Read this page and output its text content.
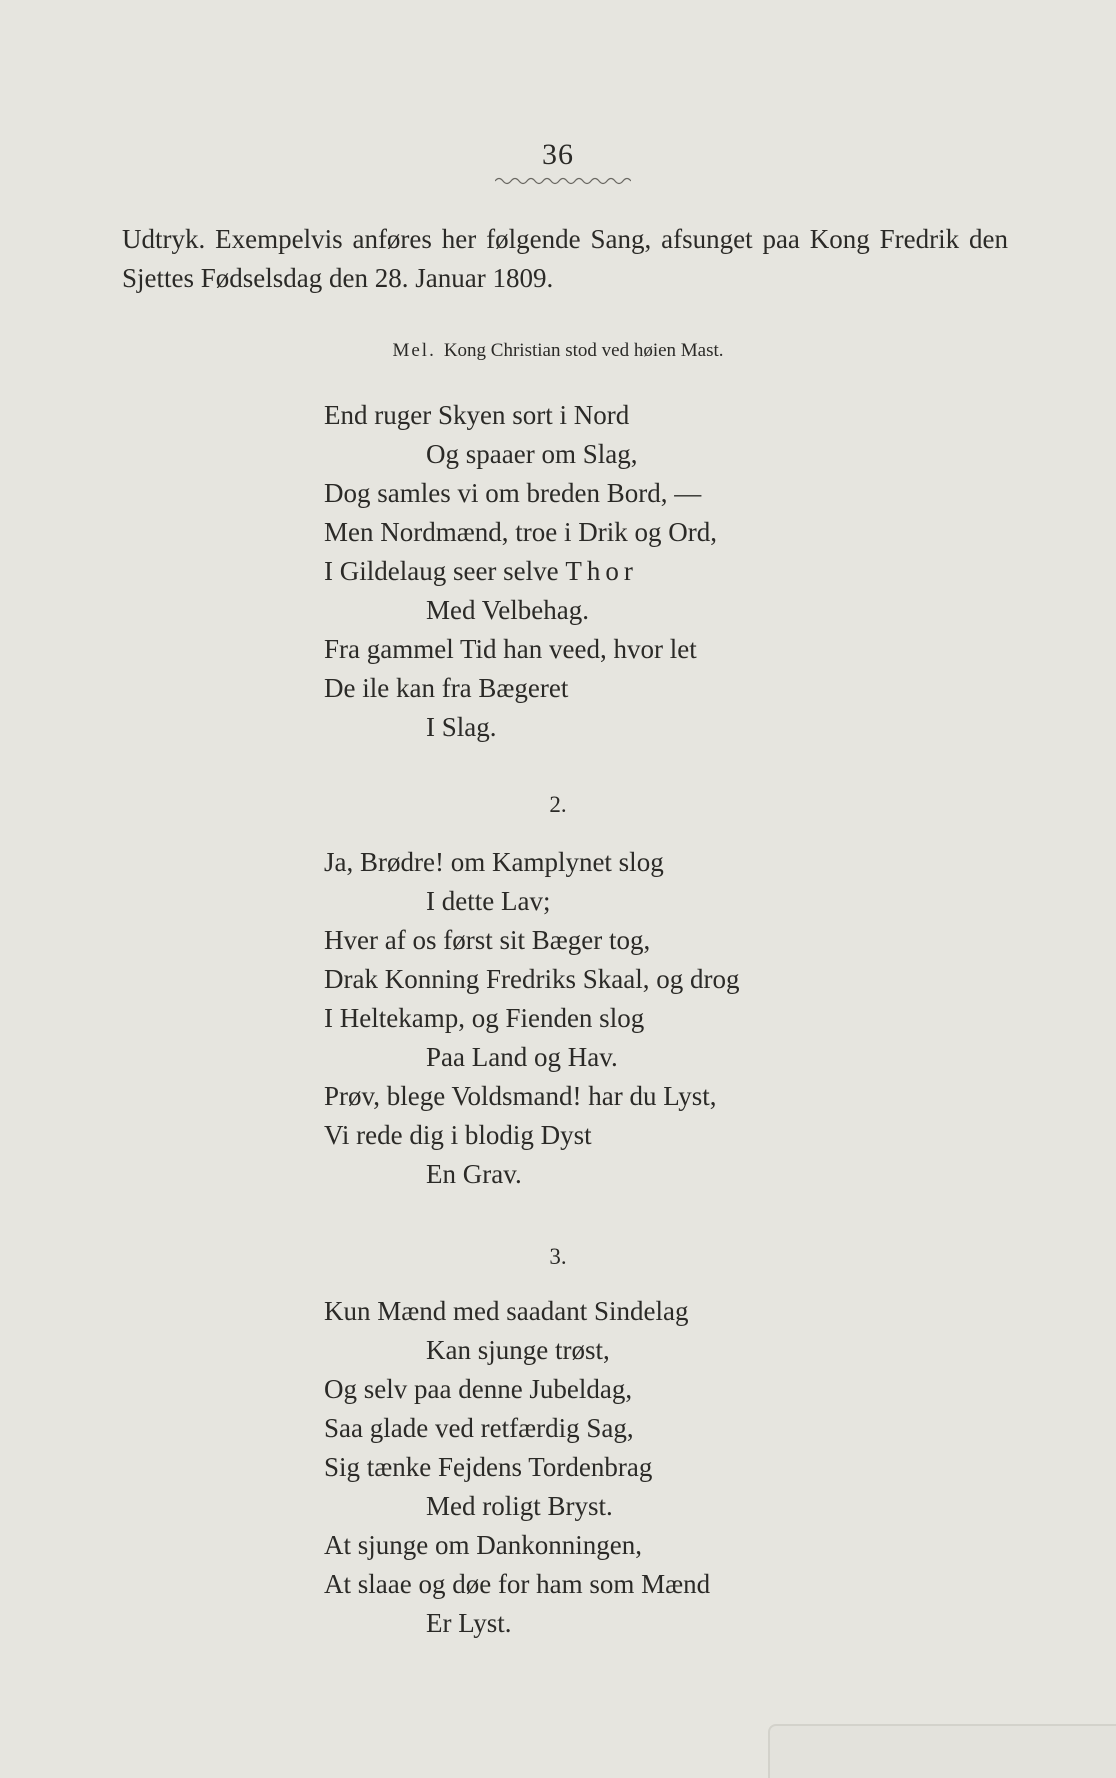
36
Udtryk. Exempelvis anføres her følgende Sang, afsunget paa Kong Fredrik den Sjettes Fødselsdag den 28. Januar 1809.
Mel. Kong Christian stod ved høien Mast.
End ruger Skyen sort i Nord
Og spaaer om Slag,
Dog samles vi om breden Bord, —
Men Nordmænd, troe i Drik og Ord,
I Gildelaug seer selve Thor
Med Velbehag.
Fra gammel Tid han veed, hvor let
De ile kan fra Bægeret
I Slag.
2.
Ja, Brødre! om Kamplynet slog
I dette Lav;
Hver af os først sit Bæger tog,
Drak Konning Fredriks Skaal, og drog
I Heltekamp, og Fienden slog
Paa Land og Hav.
Prøv, blege Voldsmand! har du Lyst,
Vi rede dig i blodig Dyst
En Grav.
3.
Kun Mænd med saadant Sindelag
Kan sjunge trøst,
Og selv paa denne Jubeldag,
Saa glade ved retfærdig Sag,
Sig tænke Fejdens Tordenbrag
Med roligt Bryst.
At sjunge om Dankonningen,
At slaae og døe for ham som Mænd
Er Lyst.
